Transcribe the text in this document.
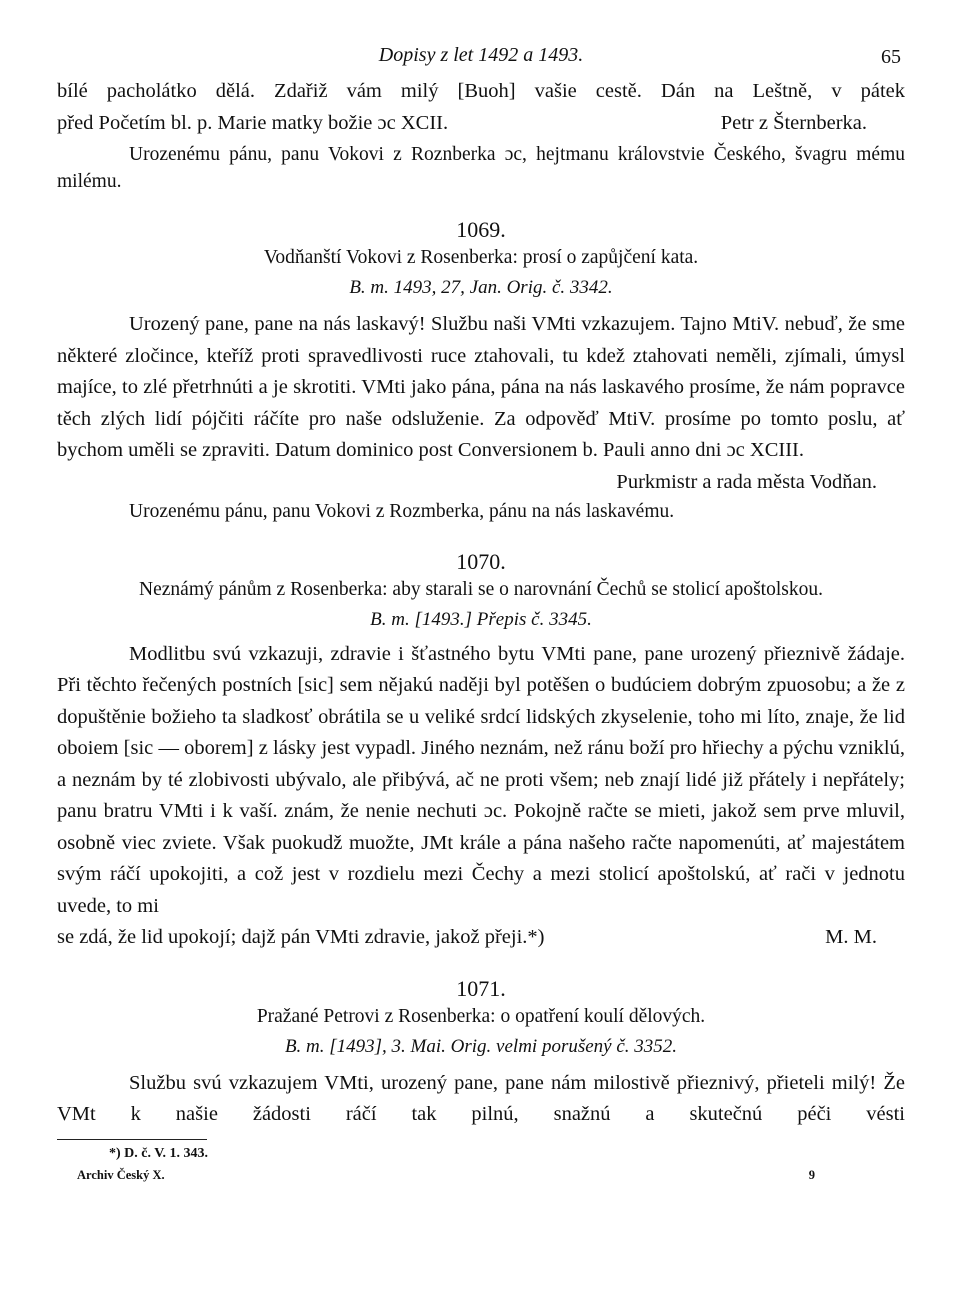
Dopisy z let 1492 a 1493.	65

bílé pacholátko dělá. Zdařiž vám milý [Buoh] vašie cestě. Dán na Leštně, v pátek

před Početím bl. p. Marie matky božie ɔc XCII.	Petr z Šternberka.

Urozenému pánu, panu Vokovi z Roznberka ɔc, hejtmanu královstvie Českého, švagru mému milému.

1069.
Vodňanští Vokovi z Rosenberka: prosí o zapůjčení kata.
B. m. 1493, 27, Jan. Orig. č. 3342.

Urozený pane, pane na nás laskavý! Službu naši VMti vzkazujem. Tajno MtiV. nebuď, že sme některé zločince, kteříž proti spravedlivosti ruce ztahovali, tu kdež ztahovati neměli, zjímali, úmysl majíce, to zlé přetrhnúti a je skrotiti. VMti jako pána, pána na nás laskavého prosíme, že nám popravce těch zlých lidí pójčiti ráčíte pro naše odsluženie. Za odpověď MtiV. prosíme po tomto poslu, ať bychom uměli se zpraviti. Datum dominico post Conversionem b. Pauli anno dni ɔc XCIII.

Purkmistr a rada města Vodňan.

Urozenému pánu, panu Vokovi z Rozmberka, pánu na nás laskavému.

1070.
Neznámý pánům z Rosenberka: aby starali se o narovnání Čechů se stolicí apoštolskou.
B. m. [1493.] Přepis č. 3345.

Modlitbu svú vzkazuji, zdravie i šťastného bytu VMti pane, pane urozený přieznivě žádaje. Při těchto řečených postních [sic] sem nějakú naději byl potěšen o budúciem dobrým zpuosobu; a že z dopuštěnie božieho ta sladkosť obrátila se u veliké srdcí lidských zkyselenie, toho mi líto, znaje, že lid oboiem [sic — oborem] z lásky jest vypadl. Jiného neznám, než ránu boží pro hřiechy a pýchu vzniklú, a neznám by té zlobivosti ubývalo, ale přibývá, ač ne proti všem; neb znají lidé již přátely i nepřátely; panu bratru VMti i k vaší. znám, že nenie nechuti ɔc. Pokojně račte se mieti, jakož sem prve mluvil, osobně viec zviete. Však puokudž muožte, JMt krále a pána našeho račte napomenúti, ať majestátem svým ráčí upokojiti, a což jest v rozdielu mezi Čechy a mezi stolicí apoštolskú, ať rači v jednotu uvede, to mi

se zdá, že lid upokojí; dajž pán VMti zdravie, jakož přeji.*)	M. M.
1071.
Pražané Petrovi z Rosenberka: o opatření koulí dělových.
B. m. [1493], 3. Mai. Orig. velmi porušený č. 3352.

Službu svú vzkazujem VMti, urozený pane, pane nám milostivě přieznivý, přieteli milý! Že VMt k našie žádosti ráčí tak pilnú, snažnú a skutečnú péči vésti

*) D. č. V. 1. 343.
Archiv Český X.	9
